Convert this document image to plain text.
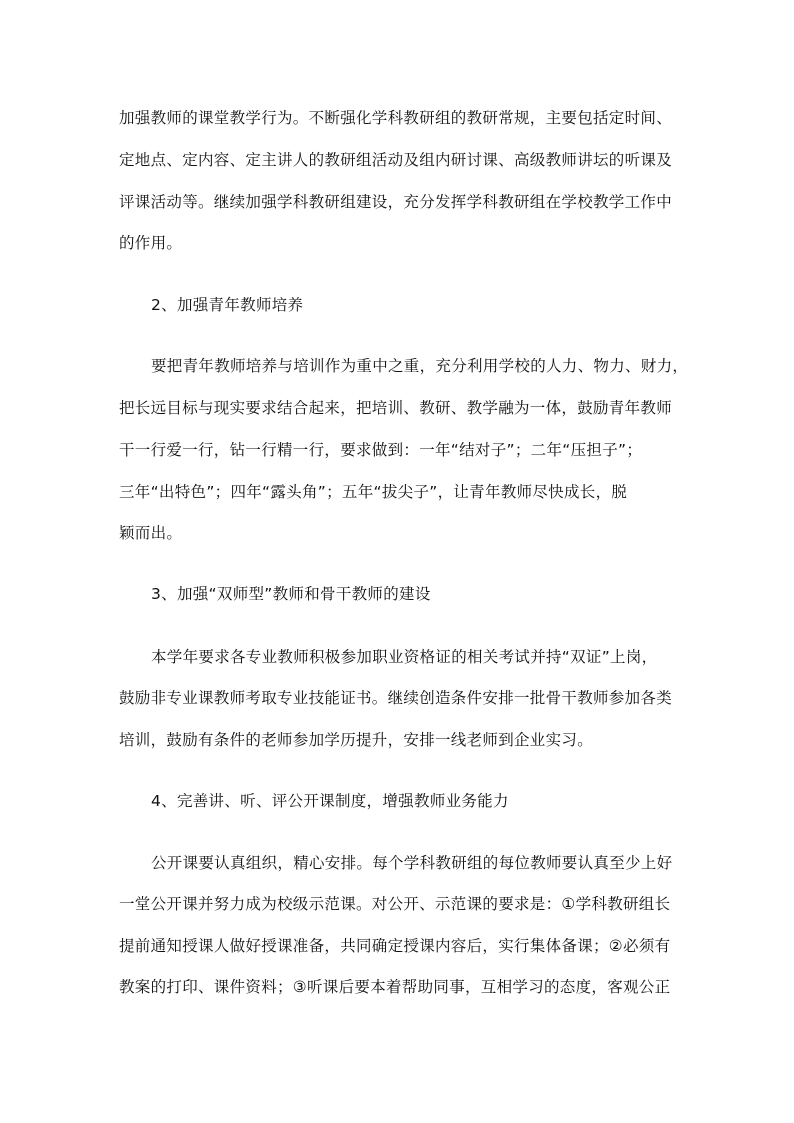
加强教师的课堂教学行为。不断强化学科教研组的教研常规，主要包括定时间、
定地点、定内容、定主讲人的教研组活动及组内研讨课、高级教师讲坛的听课及
评课活动等。继续加强学科教研组建设，充分发挥学科教研组在学校教学工作中
的作用。
2、加强青年教师培养
要把青年教师培养与培训作为重中之重，充分利用学校的人力、物力、财力，
把长远目标与现实要求结合起来，把培训、教研、教学融为一体，鼓励青年教师
干一行爱一行，钻一行精一行，要求做到：一年“结对子”；二年“压担子”；
三年“出特色”；四年“露头角”；五年“拔尖子”，让青年教师尽快成长，脱
颖而出。
3、加强“双师型”教师和骨干教师的建设
本学年要求各专业教师积极参加职业资格证的相关考试并持“双证”上岗，
鼓励非专业课教师考取专业技能证书。继续创造条件安排一批骨干教师参加各类
培训，鼓励有条件的老师参加学历提升，安排一线老师到企业实习。
4、完善讲、听、评公开课制度，增强教师业务能力
公开课要认真组织，精心安排。每个学科教研组的每位教师要认真至少上好
一堂公开课并努力成为校级示范课。对公开、示范课的要求是：①学科教研组长
提前通知授课人做好授课准备，共同确定授课内容后，实行集体备课；②必须有
教案的打印、课件资料；③听课后要本着帮助同事，互相学习的态度，客观公正
